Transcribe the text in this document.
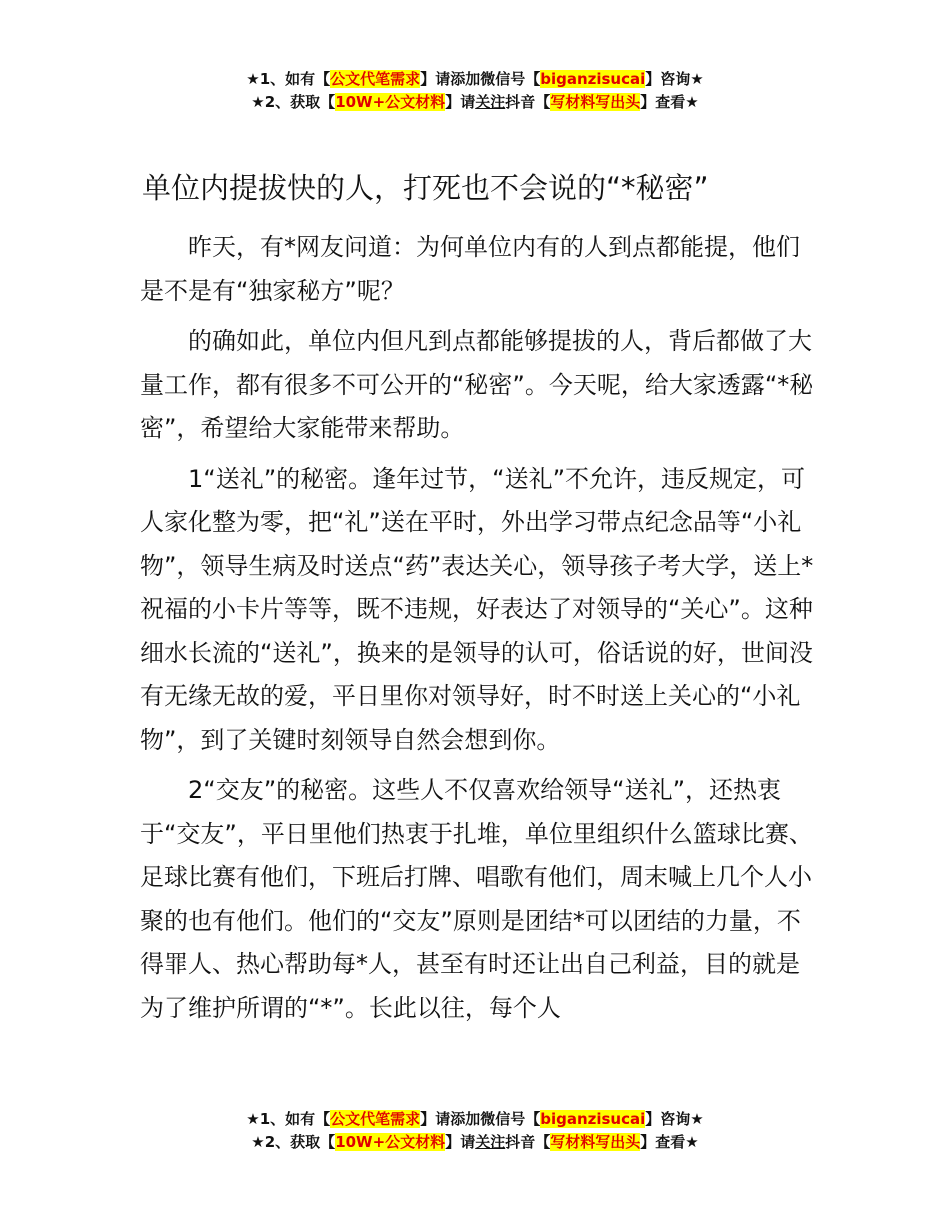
★1、如有【公文代笔需求】请添加微信号【biganzisucai】咨询★
★2、获取【10W+公文材料】请关注抖音【写材料写出头】查看★
单位内提拔快的人，打死也不会说的“*秘密”

昨天，有*网友问道：为何单位内有的人到点都能提，他们是不是有“独家秘方”呢？

的确如此，单位内但凡到点都能够提拔的人，背后都做了大量工作，都有很多不可公开的“秘密”。今天呢，给大家透露“*秘密”，希望给大家能带来帮助。

1“送礼”的秘密。逢年过节，“送礼”不允许，违反规定，可人家化整为零，把“礼”送在平时，外出学习带点纪念品等“小礼物”，领导生病及时送点“药”表达关心，领导孩子考大学，送上*祝福的小卡片等等，既不违规，好表达了对领导的“关心”。这种细水长流的“送礼”，换来的是领导的认可，俗话说的好，世间没有无缘无故的爱，平日里你对领导好，时不时送上关心的“小礼物”，到了关键时刻领导自然会想到你。

2“交友”的秘密。这些人不仅喜欢给领导“送礼”，还热衷于“交友”，平日里他们热衷于扎堆，单位里组织什么篮球比赛、足球比赛有他们，下班后打牌、唱歌有他们，周末喊上几个人小聚的也有他们。他们的“交友”原则是团结*可以团结的力量，不得罪人、热心帮助每*人，甚至有时还让出自己利益，目的就是为了维护所谓的“*”。长此以往，每个人

★1、如有【公文代笔需求】请添加微信号【biganzisucai】咨询★
★2、获取【10W+公文材料】请关注抖音【写材料写出头】查看★
